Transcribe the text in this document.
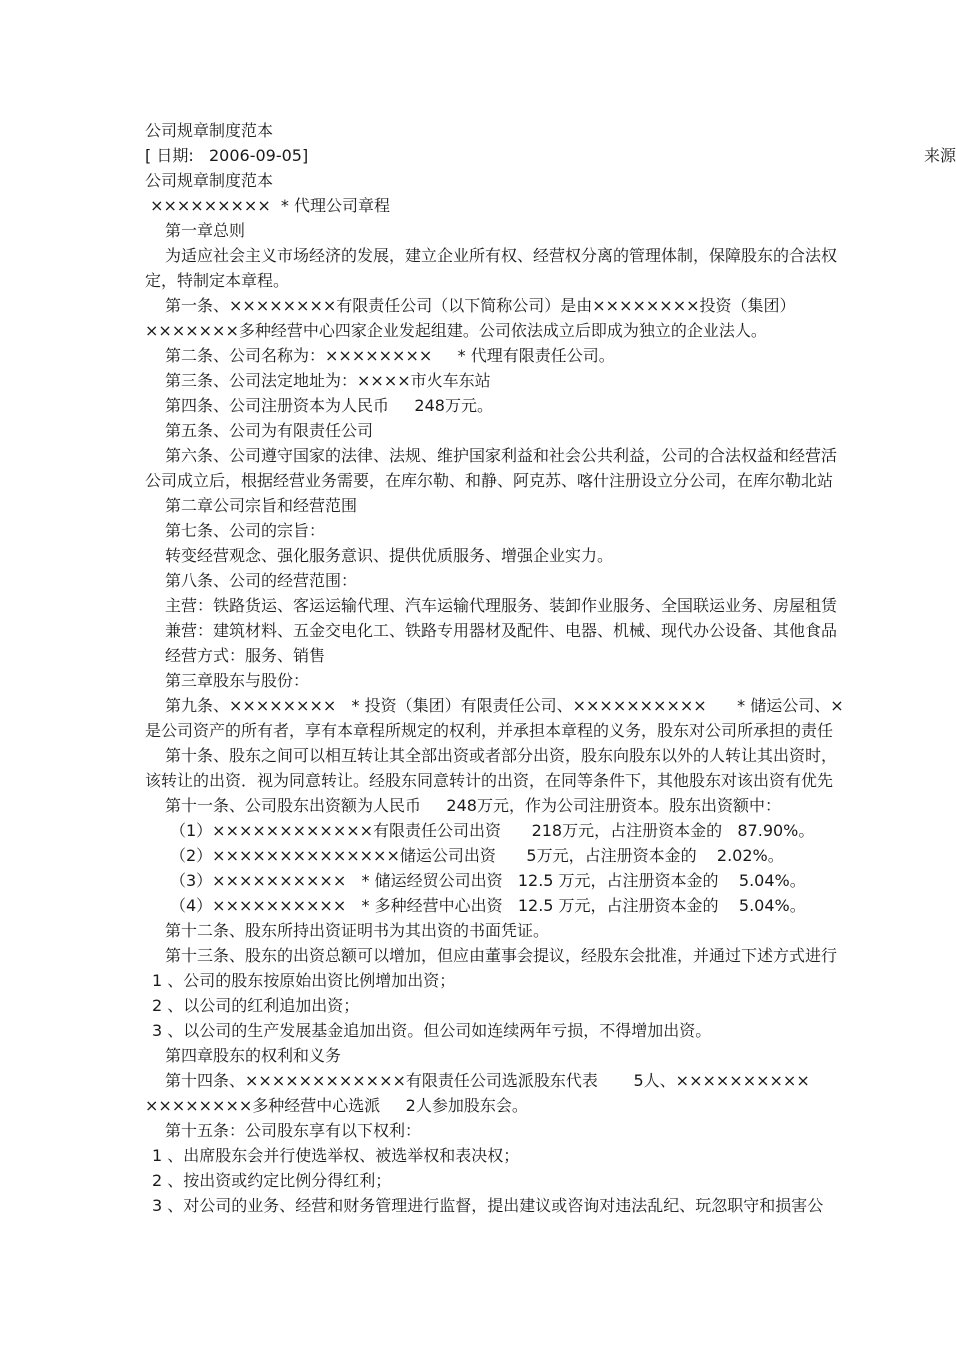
公司规章制度范本
[ 日期:   2006-09-05]	来源
公司规章制度范本
×××××××××  * 代理公司章程
第一章总则
为适应社会主义市场经济的发展，建立企业所有权、经营权分离的管理体制，保障股东的合法权
定，特制定本章程。
第一条、××××××××有限责任公司（以下简称公司）是由××××××××投资（集团）
×××××××多种经营中心四家企业发起组建。公司依法成立后即成为独立的企业法人。
第二条、公司名称为：××××××××     * 代理有限责任公司。
第三条、公司法定地址为：××××市火车东站
第四条、公司注册资本为人民币     248万元。
第五条、公司为有限责任公司
第六条、公司遵守国家的法律、法规、维护国家利益和社会公共利益，公司的合法权益和经营活
公司成立后，根据经营业务需要，在库尔勒、和静、阿克苏、喀什注册设立分公司，在库尔勒北站
第二章公司宗旨和经营范围
第七条、公司的宗旨：
转变经营观念、强化服务意识、提供优质服务、增强企业实力。
第八条、公司的经营范围：
主营：铁路货运、客运运输代理、汽车运输代理服务、装卸作业服务、全国联运业务、房屋租赁
兼营：建筑材料、五金交电化工、铁路专用器材及配件、电器、机械、现代办公设备、其他食品
经营方式：服务、销售
第三章股东与股份：
第九条、××××××××   * 投资（集团）有限责任公司、××××××××××      * 储运公司、×
是公司资产的所有者，享有本章程所规定的权利，并承担本章程的义务，股东对公司所承担的责任
第十条、股东之间可以相互转让其全部出资或者部分出资，股东向股东以外的人转让其出资时，
该转让的出资．视为同意转让。经股东同意转计的出资，在同等条件下，其他股东对该出资有优先
第十一条、公司股东出资额为人民币     248万元，作为公司注册资本。股东出资额中：
（1）××××××××××××有限责任公司出资      218万元，占注册资本金的   87.90%。
（2）××××××××××××××储运公司出资      5万元，占注册资本金的    2.02%。
（3）××××××××××   * 储运经贸公司出资   12.5 万元，占注册资本金的    5.04%。
（4）××××××××××   * 多种经营中心出资   12.5 万元，占注册资本金的    5.04%。
第十二条、股东所持出资证明书为其出资的书面凭证。
第十三条、股东的出资总额可以增加，但应由董事会提议，经股东会批准，并通过下述方式进行
1 、公司的股东按原始出资比例增加出资；
2 、以公司的红利追加出资；
3 、以公司的生产发展基金追加出资。但公司如连续两年亏损，不得增加出资。
第四章股东的权利和义务
第十四条、××××××××××××有限责任公司选派股东代表       5人、××××××××××
××××××××多种经营中心选派     2人参加股东会。
第十五条：公司股东享有以下权利：
1 、出席股东会并行使选举权、被选举权和表决权；
2 、按出资或约定比例分得红利；
3 、对公司的业务、经营和财务管理进行监督，提出建议或咨询对违法乱纪、玩忽职守和损害公
